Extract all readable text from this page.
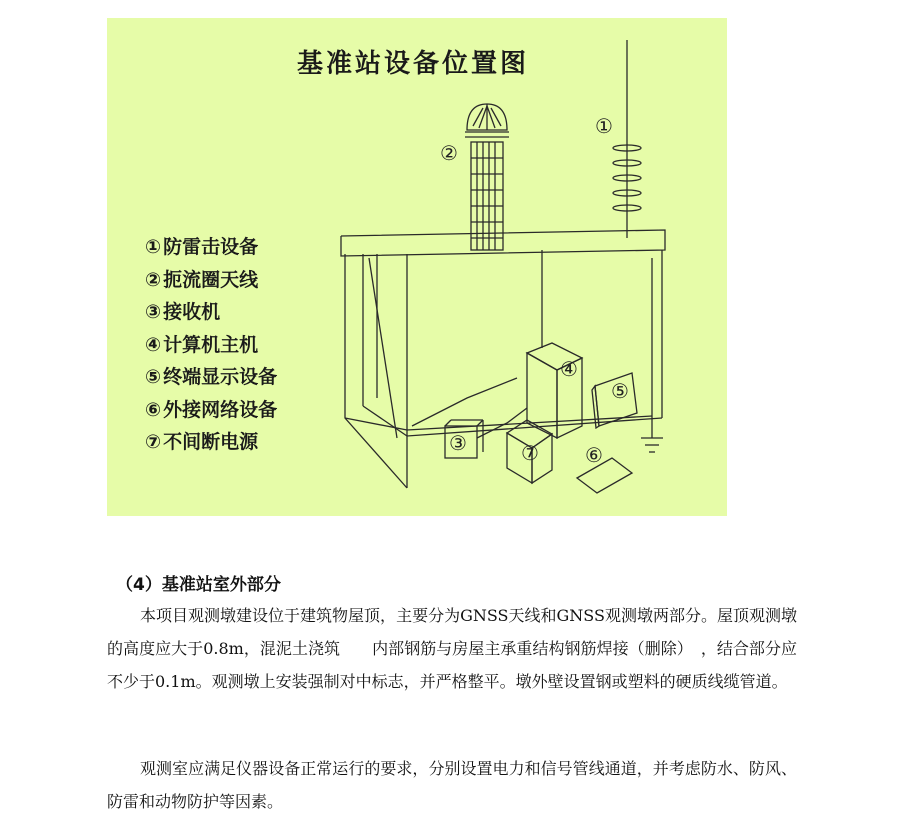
基准站设备位置图
①
②
③
④
⑤
⑥
⑦
① 防雷击设备
② 扼流圈天线
③ 接收机
④ 计算机主机
⑤ 终端显示设备
⑥ 外接网络设备
⑦ 不间断电源
（4）基准站室外部分

本项目观测墩建设位于建筑物屋顶，主要分为GNSS天线和GNSS观测墩两部分。屋顶观测墩的高度应大于0.8m，混泥土浇筑　　内部钢筋与房屋主承重结构钢筋焊接（删除）　，结合部分应不少于0.1m。观测墩上安装强制对中标志，并严格整平。墩外壁设置钢或塑料的硬质线缆管道。

观测室应满足仪器设备正常运行的要求，分别设置电力和信号管线通道，并考虑防水、防风、防雷和动物防护等因素。
